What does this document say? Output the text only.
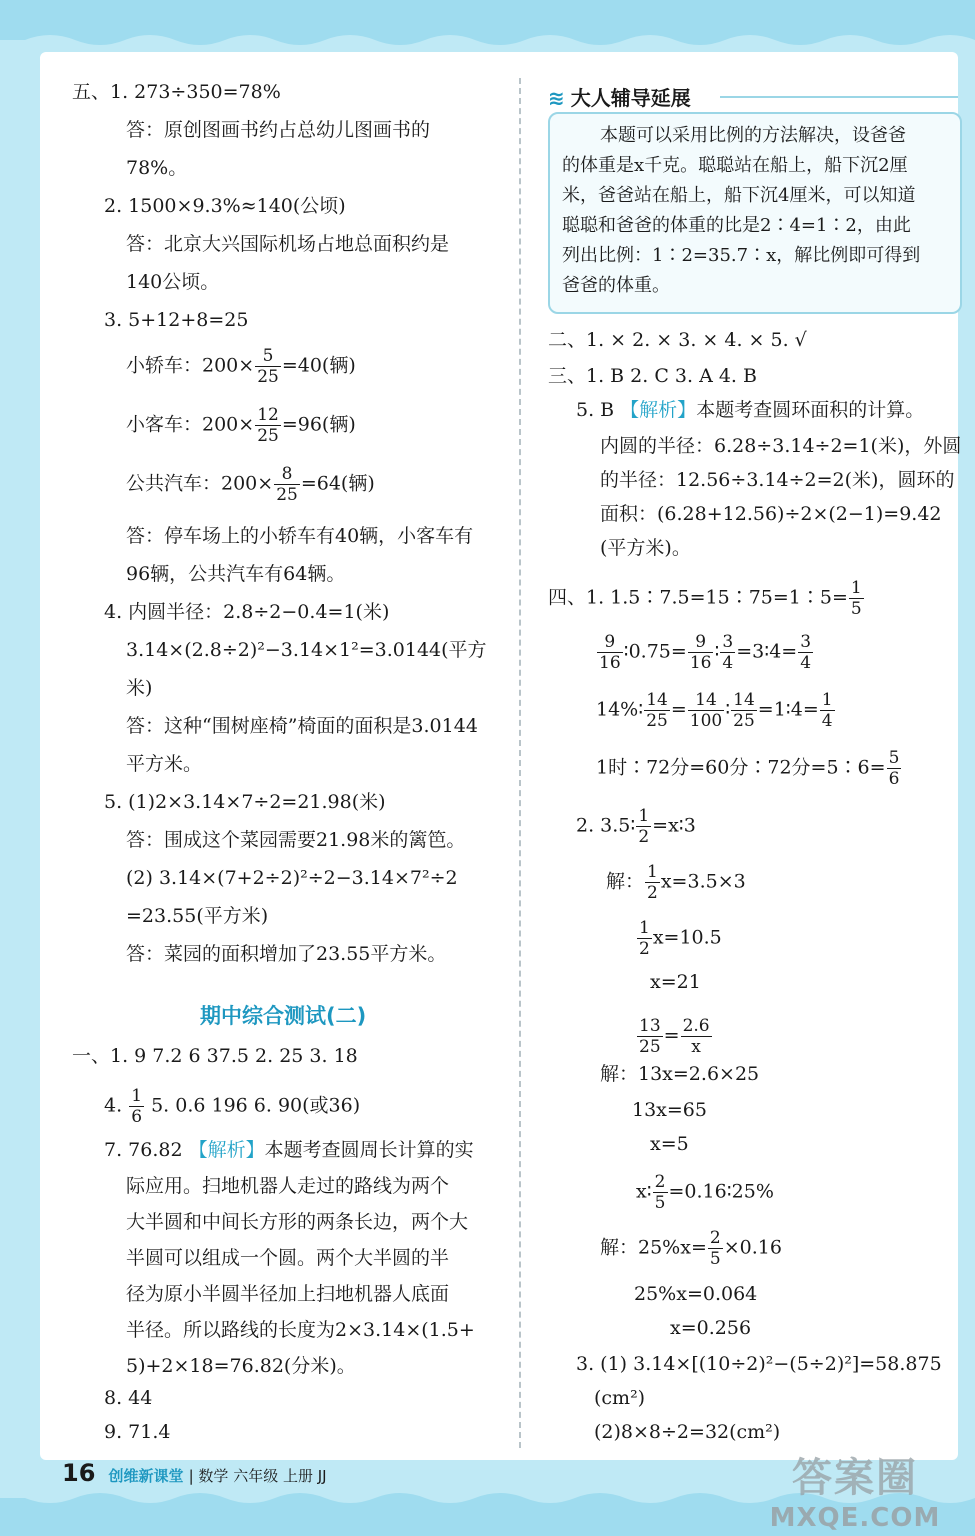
五、1. 273÷350=78%
答：原创图画书约占总幼儿图画书的
78%。
2. 1500×9.3%≈140(公顷)
答：北京大兴国际机场占地总面积约是
140公顷。
3. 5+12+8=25
小轿车：$200\times \frac{5}{25} =40$(辆)
小客车：$200\times \frac{12}{25} =96$(辆)
公共汽车：$200\times \frac{8}{25} =64$(辆)
答：停车场上的小轿车有40辆，小客车有
96辆，公共汽车有64辆。
4. 内圆半径：2.8÷2−0.4=1(米)
3.14×(2.8÷2)²−3.14×1²=3.0144(平方
米)
答：这种“围树座椅”椅面的面积是3.0144
平方米。
5. (1)2×3.14×7÷2=21.98(米)
答：围成这个菜园需要21.98米的篱笆。
(2) 3.14×(7+2÷2)²÷2−3.14×7²÷2
=23.55(平方米)
答：菜园的面积增加了23.55平方米。
期中综合测试(二)
一、1. 9 7.2 6 37.5 2. 25 3. 18
4. $\frac{1}{6} 5$. 0.6 196 6. 90(或36)
7. 76.82 【解析】本题考查圆周长计算的实
际应用。扫地机器人走过的路线为两个
大半圆和中间长方形的两条长边，两个大
半圆可以组成一个圆。两个大半圆的半
径为原小半圆半径加上扫地机器人底面
半径。所以路线的长度为2×3.14×(1.5+
5)+2×18=76.82(分米)。
8. 44
9. 71.4
≋ 大人辅导延展
本题可以采用比例的方法解决，设爸爸
的体重是x千克。聪聪站在船上，船下沉2厘
米，爸爸站在船上，船下沉4厘米，可以知道
聪聪和爸爸的体重的比是2∶4=1∶2，由此
列出比例：1∶2=35.7∶x，解比例即可得到
爸爸的体重。
二、1. × 2. × 3. × 4. × 5. √
三、1. B 2. C 3. A 4. B
5. B 【解析】本题考查圆环面积的计算。
内圆的半径：6.28÷3.14÷2=1(米)，外圆
的半径：12.56÷3.14÷2=2(米)，圆环的
面积：(6.28+12.56)÷2×(2−1)=9.42
(平方米)。
四、1. 1.5∶7.5=15∶75=1∶5= $\frac{1}{5}$
$\frac{9}{16}$ ∶0.75= $\frac{9}{16}$ ∶ $\frac{3}{4}$ =3∶4= $\frac{3}{4}$
14%∶ $\frac{14}{25} = \frac{14}{100}$ ∶ $\frac{14}{25}$ =1∶4= $\frac{1}{4}$
1时∶72分=60分∶72分=5∶6= $\frac{5}{6}$
2. 3.5∶ $\frac{1}{2}$ =x∶3
解： $\frac{1}{2} x=3.5\times 3$
$\frac{1}{2} x=10.5$
x=21
$\frac{13}{25} = \frac{2.6}{x}$
解：13x=2.6×25
13x=65
x=5
x∶ $\frac{2}{5}$ =0.16∶25%
解：$25\%x= \frac{2}{5} \times 0.16$
25%x=0.064
x=0.256
3. (1) 3.14×[(10÷2)²−(5÷2)²]=58.875
(cm²)
(2)8×8÷2=32(cm²)
16 创维新课堂 | 数学 六年级 上册 JJ	答案圈
MXQE.COM
